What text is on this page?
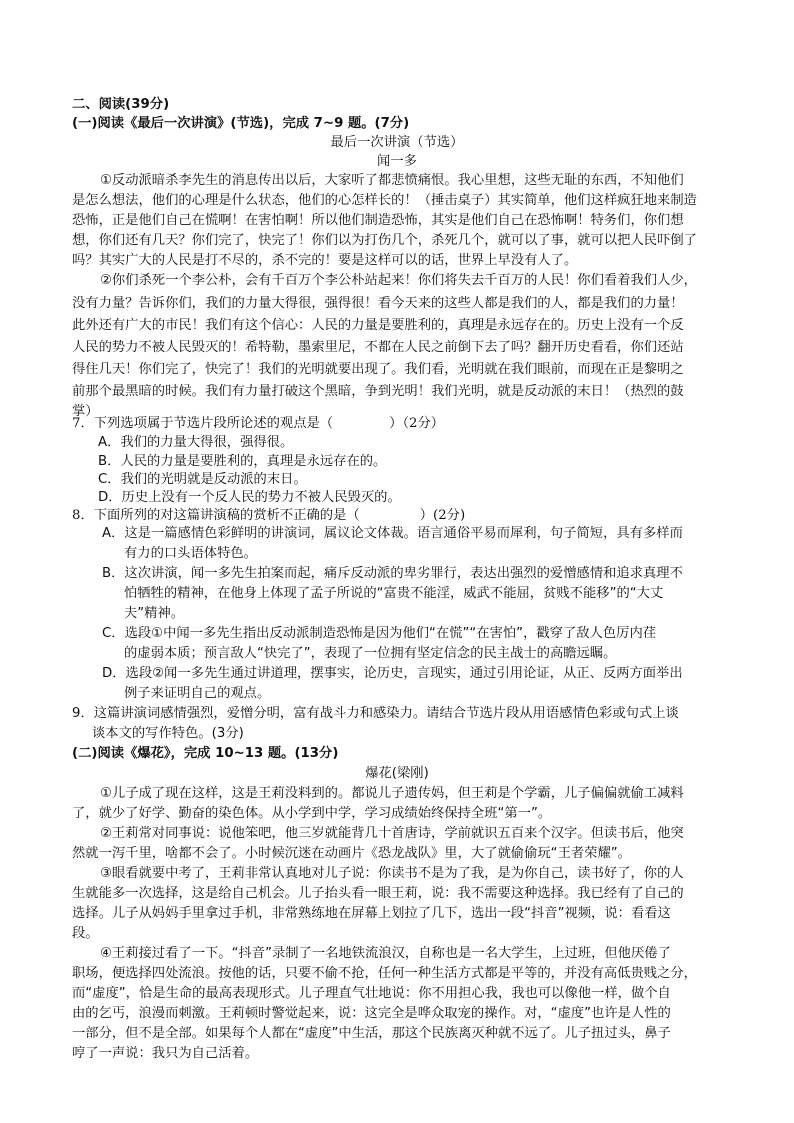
二、阅读(39分)
(一)阅读《最后一次讲演》(节选)，完成 7~9 题。(7分)
最后一次讲演（节选）
闻一多
①反动派暗杀李先生的消息传出以后，大家听了都悲愤痛恨。我心里想，这些无耻的东西，不知他们
是怎么想法，他们的心理是什么状态，他们的心怎样长的！（捶击桌子）其实简单，他们这样疯狂地来制造
恐怖，正是他们自己在慌啊！在害怕啊！所以他们制造恐怖，其实是他们自己在恐怖啊！特务们，你们想
想，你们还有几天？你们完了，快完了！你们以为打伤几个，杀死几个，就可以了事，就可以把人民吓倒了
吗？其实广大的人民是打不尽的，杀不完的！要是这样可以的话，世界上早没有人了。
②你们杀死一个李公朴，会有千百万个李公朴站起来！你们将失去千百万的人民！你们看着我们人少，
没有力量？告诉你们，我们的力量大得很，强得很！看今天来的这些人都是我们的人，都是我们的力量！
此外还有广大的市民！我们有这个信心：人民的力量是要胜利的，真理是永远存在的。历史上没有一个反
人民的势力不被人民毁灭的！希特勒，墨索里尼，不都在人民之前倒下去了吗？翻开历史看看，你们还站
得住几天！你们完了，快完了！我们的光明就要出现了。我们看，光明就在我们眼前，而现在正是黎明之
前那个最黑暗的时候。我们有力量打破这个黑暗，争到光明！我们光明，就是反动派的末日！（热烈的鼓
掌）
7．下列选项属于节选片段所论述的观点是（	）（2分）
A．我们的力量大得很，强得很。
B．人民的力量是要胜利的，真理是永远存在的。
C．我们的光明就是反动派的末日。
D．历史上没有一个反人民的势力不被人民毁灭的。
8．下面所列的对这篇讲演稿的赏析不正确的是（	）(2分)
A．这是一篇感情色彩鲜明的讲演词，属议论文体裁。语言通俗平易而犀利，句子简短，具有多样而
有力的口头语体特色。
B．这次讲演，闻一多先生拍案而起，痛斥反动派的卑劣罪行，表达出强烈的爱憎感情和追求真理不
怕牺牲的精神，在他身上体现了孟子所说的“富贵不能淫，威武不能屈，贫贱不能移”的“大丈
夫”精神。
C．选段①中闻一多先生指出反动派制造恐怖是因为他们“在慌”“在害怕”，戳穿了敌人色厉内荏
的虚弱本质；预言敌人“快完了”，表现了一位拥有坚定信念的民主战士的高瞻远瞩。
D．选段②闻一多先生通过讲道理，摆事实，论历史，言现实，通过引用论证，从正、反两方面举出
例子来证明自己的观点。
9．这篇讲演词感情强烈，爱憎分明，富有战斗力和感染力。请结合节选片段从用语感情色彩或句式上谈
谈本文的写作特色。(3分)
(二)阅读《爆花》，完成 10~13 题。(13分)
爆花(梁刚)
①儿子成了现在这样，这是王莉没料到的。都说儿子遗传妈，但王莉是个学霸，儿子偏偏就偷工减料
了，就少了好学、勤奋的染色体。从小学到中学，学习成绩始终保持全班“第一”。
②王莉常对同事说：说他笨吧，他三岁就能背几十首唐诗，学前就识五百来个汉字。但读书后，他突
然就一泻千里，啥都不会了。小时候沉迷在动画片《恐龙战队》里，大了就偷偷玩“王者荣耀”。
③眼看就要中考了，王莉非常认真地对儿子说：你读书不是为了我，是为你自己，读书好了，你的人
生就能多一次选择，这是给自己机会。儿子抬头看一眼王莉，说：我不需要这种选择。我已经有了自己的
选择。儿子从妈妈手里拿过手机，非常熟练地在屏幕上划拉了几下，选出一段“抖音”视频，说：看看这
段。
④王莉接过看了一下。“抖音”录制了一名地铁流浪汉，自称也是一名大学生，上过班，但他厌倦了
职场，便选择四处流浪。按他的话，只要不偷不抢，任何一种生活方式都是平等的，并没有高低贵贱之分，
而“虚度”，恰是生命的最高表现形式。儿子理直气壮地说：你不用担心我，我也可以像他一样，做个自
由的乞丐，浪漫而刺激。王莉顿时警觉起来，说：这完全是哗众取宠的操作。对，“虚度”也许是人性的
一部分，但不是全部。如果每个人都在“虚度”中生活，那这个民族离灭种就不远了。儿子扭过头，鼻子
哼了一声说：我只为自己活着。
